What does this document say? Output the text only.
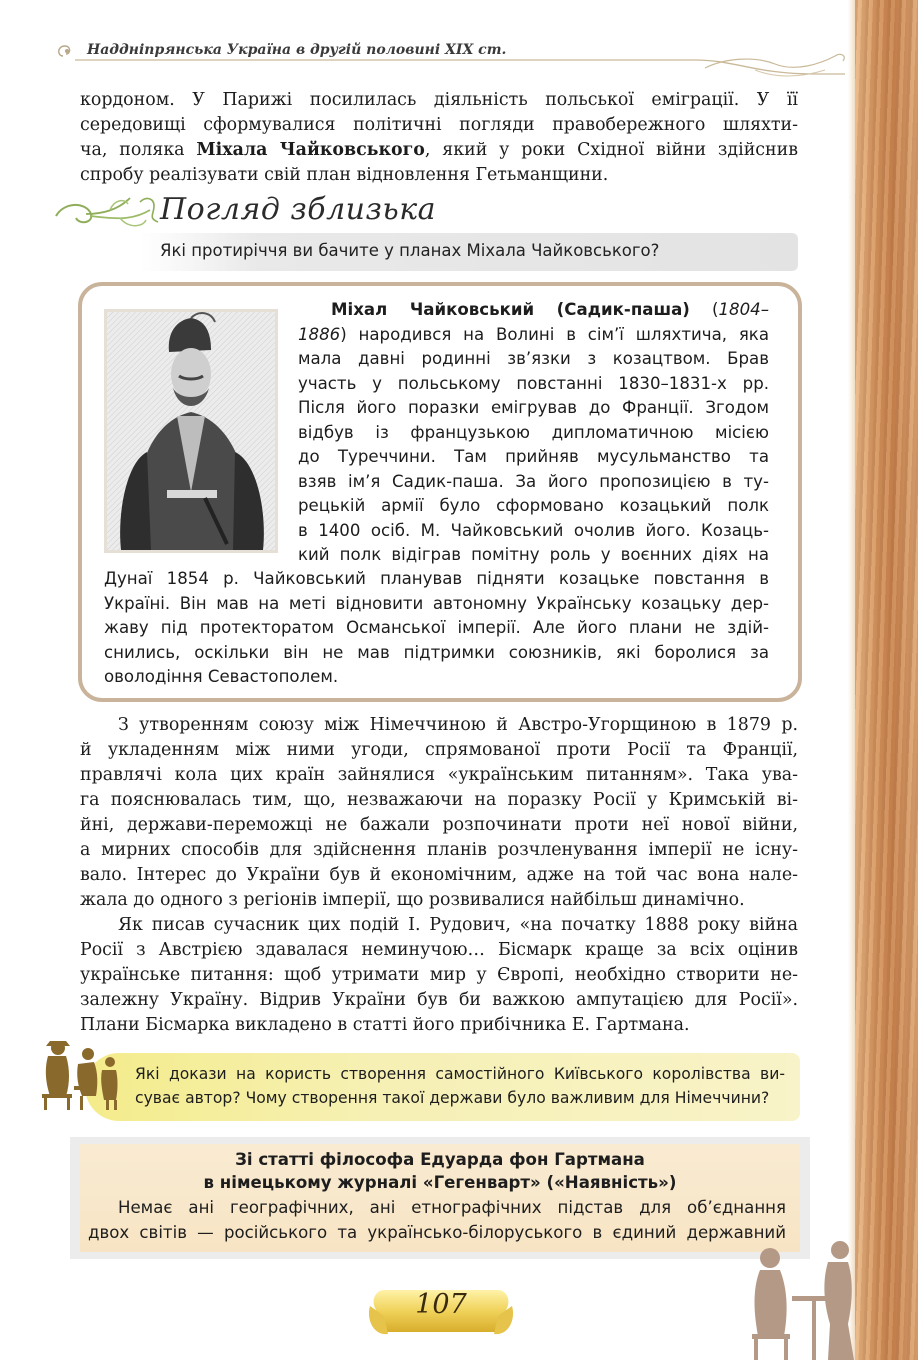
Наддніпрянська Україна в другій половині XIX ст.
кордоном. У Парижі посилилась діяльність польської еміграції. У її
середовищі сформувалися політичні погляди правобережного шляхти-
ча, поляка Міхала Чайковського, який у роки Східної війни здійснив
спробу реалізувати свій план відновлення Гетьманщини.
Погляд зблизька
Які протиріччя ви бачите у планах Міхала Чайковського?
Міхал Чайковський (Садик-паша) (1804–
1886) народився на Волині в сім’ї шляхтича, яка
мала давні родинні зв’язки з козацтвом. Брав
участь у польському повстанні 1830–1831-х рр.
Після його поразки емігрував до Франції. Згодом
відбув із французькою дипломатичною місією
до Туреччини. Там прийняв мусульманство та
взяв ім’я Садик-паша. За його пропозицією в ту-
рецькій армії було сформовано козацький полк
в 1400 осіб. М. Чайковський очолив його. Козаць-
кий полк відіграв помітну роль у воєнних діях на
Дунаї 1854 р. Чайковський планував підняти козацьке повстання в
Україні. Він мав на меті відновити автономну Українську козацьку дер-
жаву під протекторатом Османської імперії. Але його плани не здій-
снились, оскільки він не мав підтримки союзників, які боролися за
оволодіння Севастополем.
З утворенням союзу між Німеччиною й Австро-Угорщиною в 1879 р.
й укладенням між ними угоди, спрямованої проти Росії та Франції,
правлячі кола цих країн зайнялися «українським питанням». Така ува-
га пояснювалась тим, що, незважаючи на поразку Росії у Кримській ві-
йні, держави-переможці не бажали розпочинати проти неї нової війни,
а мирних способів для здійснення планів розчленування імперії не існу-
вало. Інтерес до України був й економічним, адже на той час вона нале-
жала до одного з регіонів імперії, що розвивалися найбільш динамічно.
Як писав сучасник цих подій І. Рудович, «на початку 1888 року війна
Росії з Австрією здавалася неминучою… Бісмарк краще за всіх оцінив
українське питання: щоб утримати мир у Європі, необхідно створити не-
залежну Україну. Відрив України був би важкою ампутацією для Росії».
Плани Бісмарка викладено в статті його прибічника Е. Гартмана.
Які докази на користь створення самостійного Київського королівства ви-
суває автор? Чому створення такої держави було важливим для Німеччини?
Зі статті філософа Едуарда фон Гартмана
в німецькому журналі «Гегенварт» («Наявність»)
Немає ані географічних, ані етнографічних підстав для об’єднання
двох світів — російського та українсько-білоруського в єдиний державний
107
